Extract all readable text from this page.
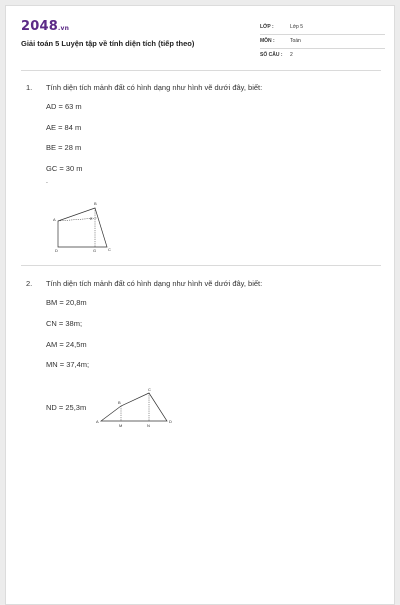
2048.vn
Giải toán 5 Luyện tập về tính diện tích (tiếp theo)
LỚP :	Lớp 5
MÔN :	Toán
SỐ CÂU : 2
1. Tính diện tích mảnh đất có hình dạng như hình vẽ dưới đây, biết:
AD = 63 m
AE = 84 m
BE = 28 m
GC = 30 m
.
A
B
E
D	G	C
2. Tính diện tích mảnh đất có hình dạng như hình vẽ dưới đây, biết:
BM = 20,8m
CN = 38m;
AM = 24,5m
MN = 37,4m;
ND = 25,3m
A
B
C
D
M	N
